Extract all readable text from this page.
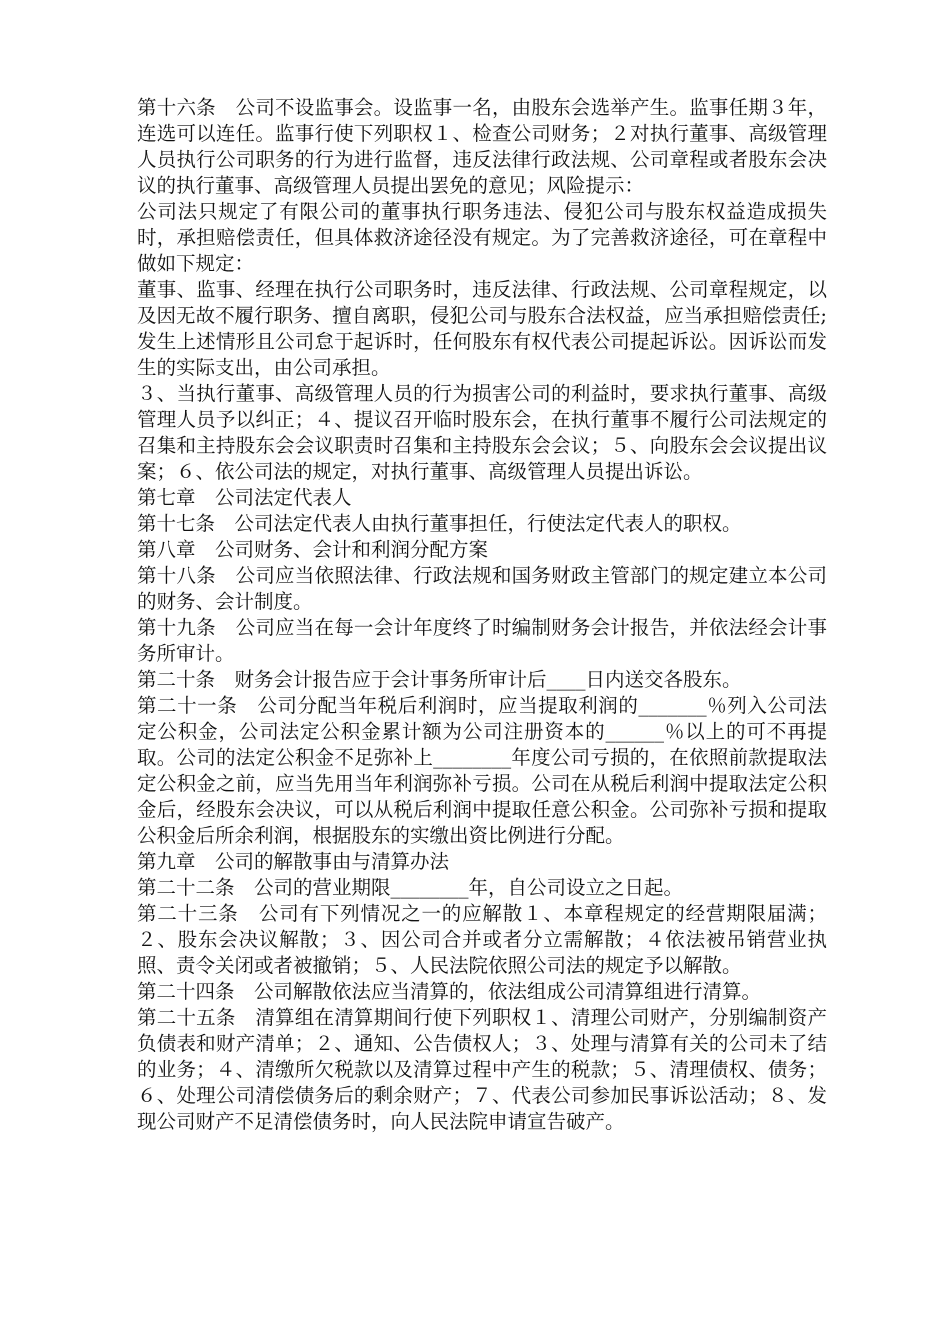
第十六条　公司不设监事会。设监事一名，由股东会选举产生。监事任期３年，连选可以连任。监事行使下列职权１、检查公司财务；２对执行董事、高级管理人员执行公司职务的行为进行监督，违反法律行政法规、公司章程或者股东会决议的执行董事、高级管理人员提出罢免的意见；风险提示：

公司法只规定了有限公司的董事执行职务违法、侵犯公司与股东权益造成损失时，承担赔偿责任，但具体救济途径没有规定。为了完善救济途径，可在章程中做如下规定：

董事、监事、经理在执行公司职务时，违反法律、行政法规、公司章程规定，以及因无故不履行职务、擅自离职，侵犯公司与股东合法权益，应当承担赔偿责任;发生上述情形且公司怠于起诉时，任何股东有权代表公司提起诉讼。因诉讼而发生的实际支出，由公司承担。

３、当执行董事、高级管理人员的行为损害公司的利益时，要求执行董事、高级管理人员予以纠正；４、提议召开临时股东会，在执行董事不履行公司法规定的召集和主持股东会会议职责时召集和主持股东会会议；５、向股东会会议提出议案；６、依公司法的规定，对执行董事、高级管理人员提出诉讼。

第七章　公司法定代表人

第十七条　公司法定代表人由执行董事担任，行使法定代表人的职权。

第八章　公司财务、会计和利润分配方案

第十八条　公司应当依照法律、行政法规和国务财政主管部门的规定建立本公司的财务、会计制度。

第十九条　公司应当在每一会计年度终了时编制财务会计报告，并依法经会计事务所审计。

第二十条　财务会计报告应于会计事务所审计后____日内送交各股东。

第二十一条　公司分配当年税后利润时，应当提取利润的_______％列入公司法定公积金，公司法定公积金累计额为公司注册资本的______％以上的可不再提取。公司的法定公积金不足弥补上________年度公司亏损的，在依照前款提取法定公积金之前，应当先用当年利润弥补亏损。公司在从税后利润中提取法定公积金后，经股东会决议，可以从税后利润中提取任意公积金。公司弥补亏损和提取公积金后所余利润，根据股东的实缴出资比例进行分配。

第九章　公司的解散事由与清算办法

第二十二条　公司的营业期限________年，自公司设立之日起。

第二十三条　公司有下列情况之一的应解散１、本章程规定的经营期限届满；２、股东会决议解散；３、因公司合并或者分立需解散；４依法被吊销营业执照、责令关闭或者被撤销；５、人民法院依照公司法的规定予以解散。

第二十四条　公司解散依法应当清算的，依法组成公司清算组进行清算。

第二十五条　清算组在清算期间行使下列职权１、清理公司财产，分别编制资产负债表和财产清单；２、通知、公告债权人；３、处理与清算有关的公司未了结的业务；４、清缴所欠税款以及清算过程中产生的税款；５、清理债权、债务；６、处理公司清偿债务后的剩余财产；７、代表公司参加民事诉讼活动；８、发现公司财产不足清偿债务时，向人民法院申请宣告破产。
